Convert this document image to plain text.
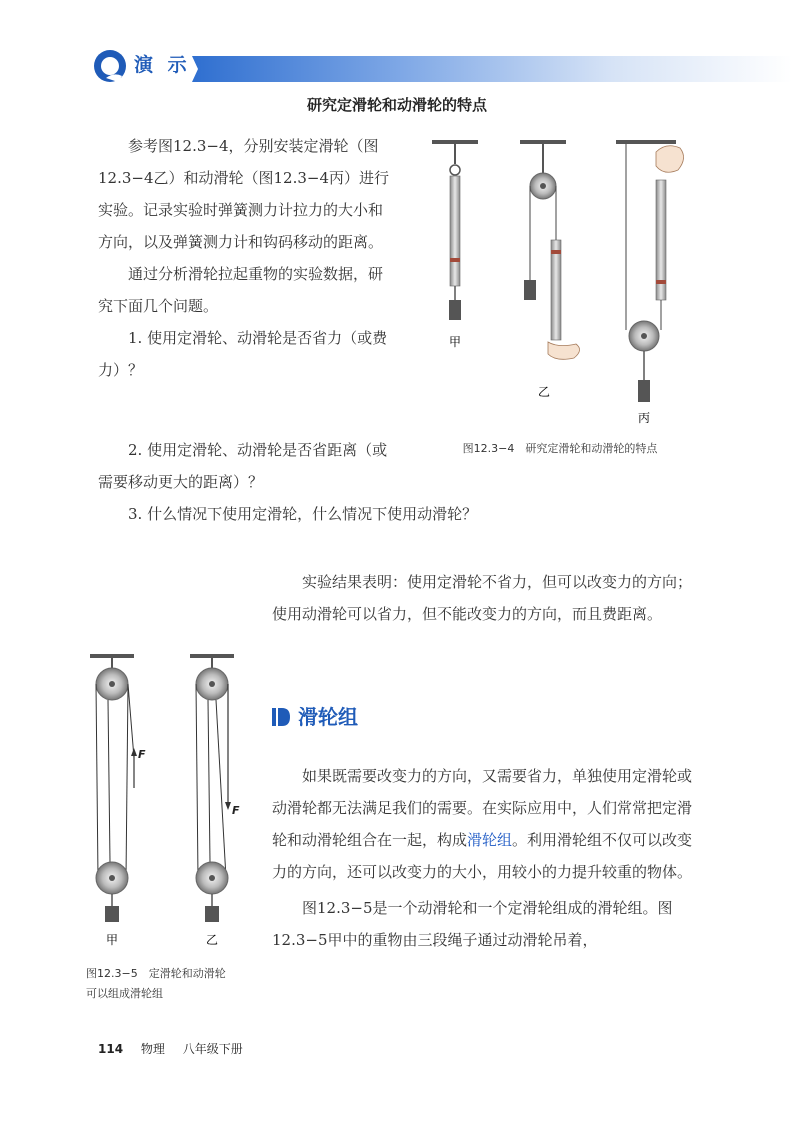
演 示
研究定滑轮和动滑轮的特点

参考图12.3−4，分别安装定滑轮（图12.3−4乙）和动滑轮（图12.3−4丙）进行实验。记录实验时弹簧测力计拉力的大小和方向，以及弹簧测力计和钩码移动的距离。

通过分析滑轮拉起重物的实验数据，研究下面几个问题。

1. 使用定滑轮、动滑轮是否省力（或费力）？

2. 使用定滑轮、动滑轮是否省距离（或需要移动更大的距离）？
3. 什么情况下使用定滑轮，什么情况下使用动滑轮？
甲
乙
丙
图12.3−4　研究定滑轮和动滑轮的特点

实验结果表明：使用定滑轮不省力，但可以改变力的方向；使用动滑轮可以省力，但不能改变力的方向，而且费距离。

滑轮组

如果既需要改变力的方向，又需要省力，单独使用定滑轮或动滑轮都无法满足我们的需要。在实际应用中，人们常常把定滑轮和动滑轮组合在一起，构成滑轮组。利用滑轮组不仅可以改变力的方向，还可以改变力的大小，用较小的力提升较重的物体。

图12.3−5是一个动滑轮和一个定滑轮组成的滑轮组。图12.3−5甲中的重物由三段绳子通过动滑轮吊着，

F
F
甲	乙
图12.3−5　定滑轮和动滑轮
可以组成滑轮组
114 物理 八年级下册
